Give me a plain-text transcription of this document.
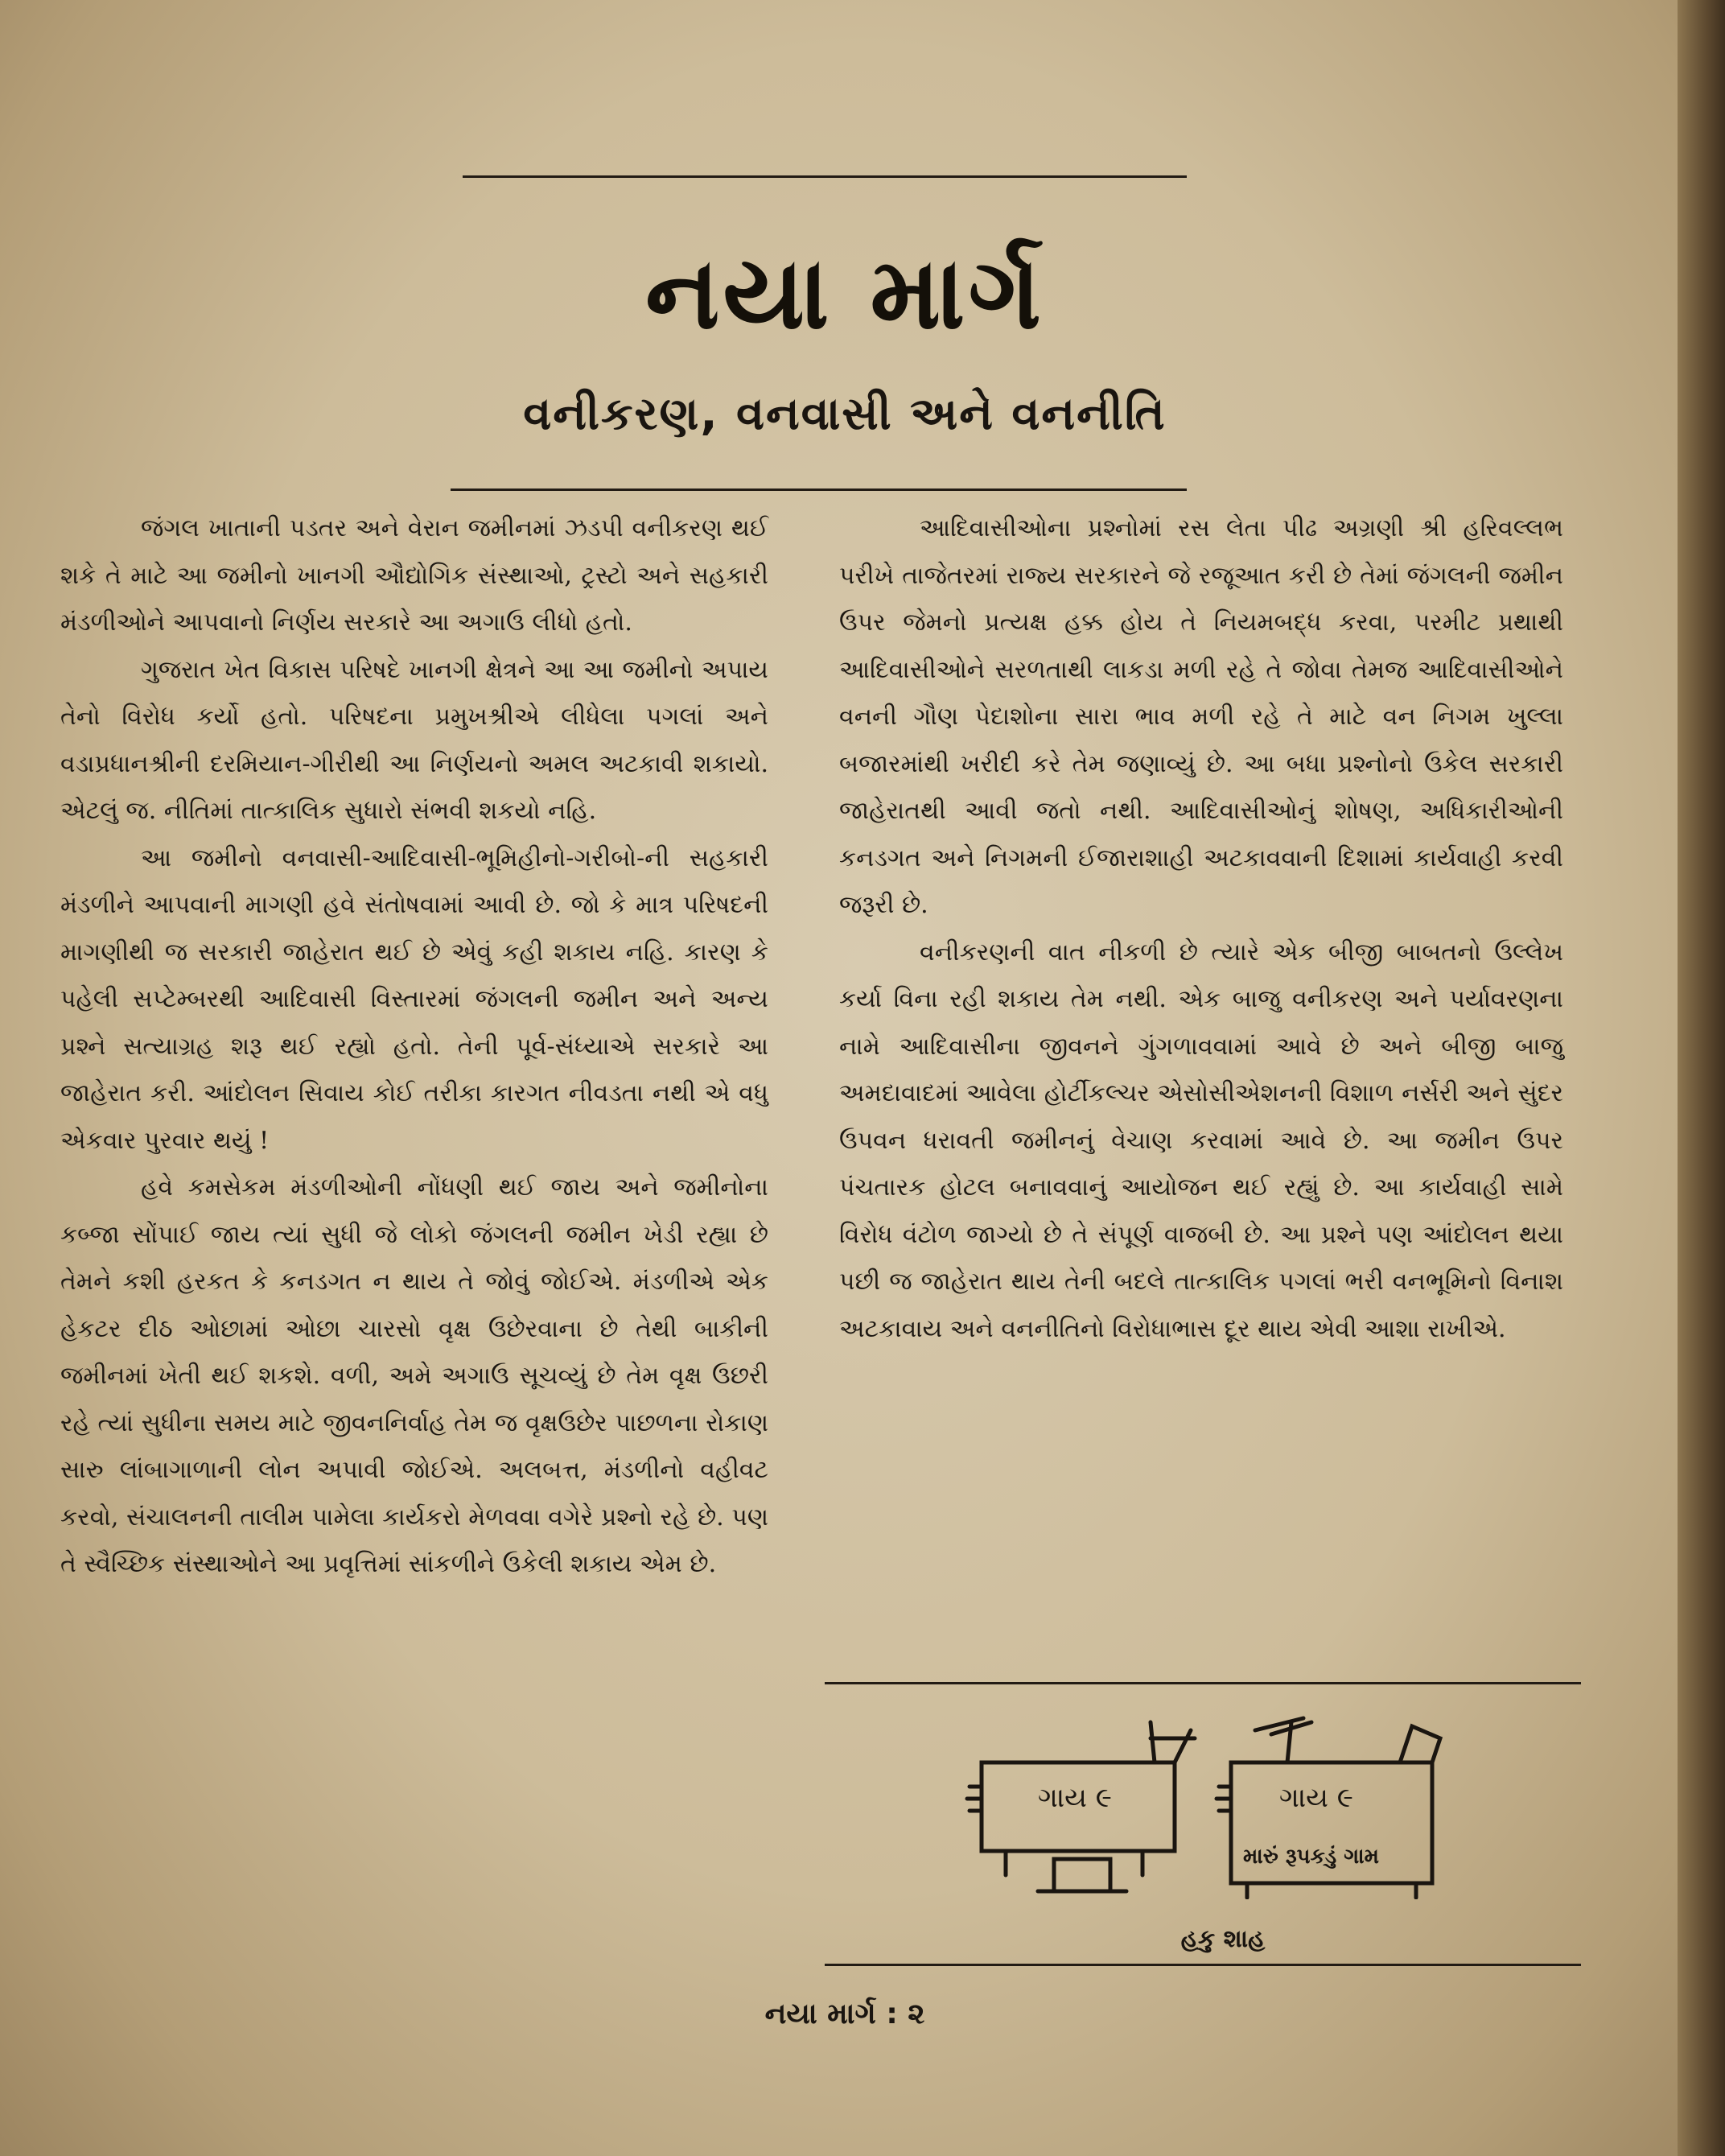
નયા માર્ગ
વનીકરણ, વનવાસી અને વનનીતિ

જંગલ ખાતાની પડતર અને વેરાન જમીનમાં ઝડપી વનીકરણ થઈ શકે તે માટે આ જમીનો ખાનગી ઔદ્યોગિક સંસ્થાઓ, ટ્રસ્ટો અને સહકારી મંડળીઓને આપવાનો નિર્ણય સરકારે આ અગાઉ લીધો હતો.

ગુજરાત ખેત વિકાસ પરિષદે ખાનગી ક્ષેત્રને આ આ જમીનો અપાય તેનો વિરોધ કર્યો હતો. પરિષદના પ્રમુખશ્રીએ લીધેલા પગલાં અને વડાપ્રધાનશ્રીની દરમિયાન-ગીરીથી આ નિર્ણયનો અમલ અટકાવી શકાયો. એટલું જ. નીતિમાં તાત્કાલિક સુધારો સંભવી શકયો નહિ.

આ જમીનો વનવાસી-આદિવાસી-ભૂમિહીનો-ગરીબો-ની સહકારી મંડળીને આપવાની માગણી હવે સંતોષવામાં આવી છે. જો કે માત્ર પરિષદની માગણીથી જ સરકારી જાહેરાત થઈ છે એવું કહી શકાય નહિ. કારણ કે પહેલી સપ્ટેમ્બરથી આદિવાસી વિસ્તારમાં જંગલની જમીન અને અન્ય પ્રશ્ને સત્યાગ્રહ શરૂ થઈ રહ્યો હતો. તેની પૂર્વ-સંધ્યાએ સરકારે આ જાહેરાત કરી. આંદોલન સિવાય કોઈ તરીકા કારગત નીવડતા નથી એ વધુ એકવાર પુરવાર થયું !

હવે કમસેકમ મંડળીઓની નોંધણી થઈ જાય અને જમીનોના કબ્જા સોંપાઈ જાય ત્યાં સુધી જે લોકો જંગલની જમીન ખેડી રહ્યા છે તેમને કશી હરકત કે કનડગત ન થાય તે જોવું જોઈએ. મંડળીએ એક હેકટર દીઠ ઓછામાં ઓછા ચારસો વૃક્ષ ઉછેરવાના છે તેથી બાકીની જમીનમાં ખેતી થઈ શકશે. વળી, અમે અગાઉ સૂચવ્યું છે તેમ વૃક્ષ ઉછરી રહે ત્યાં સુધીના સમય માટે જીવનનિર્વાહ તેમ જ વૃક્ષઉછેર પાછળના રોકાણ સારુ લાંબાગાળાની લોન અપાવી જોઈએ. અલબત્ત, મંડળીનો વહીવટ કરવો, સંચાલનની તાલીમ પામેલા કાર્યકરો મેળવવા વગેરે પ્રશ્નો રહે છે. પણ તે સ્વૈચ્છિક સંસ્થાઓને આ પ્રવૃત્તિમાં સાંકળીને ઉકેલી શકાય એમ છે.

આદિવાસીઓના પ્રશ્નોમાં રસ લેતા પીઢ અગ્રણી શ્રી હરિવલ્લભ પરીખે તાજેતરમાં રાજ્ય સરકારને જે રજૂઆત કરી છે તેમાં જંગલની જમીન ઉપર જેમનો પ્રત્યક્ષ હક્ક હોય તે નિયમબદ્ધ કરવા, પરમીટ પ્રથાથી આદિવાસીઓને સરળતાથી લાકડા મળી રહે તે જોવા તેમજ આદિવાસીઓને વનની ગૌણ પેદાશોના સારા ભાવ મળી રહે તે માટે વન નિગમ ખુલ્લા બજારમાંથી ખરીદી કરે તેમ જણાવ્યું છે. આ બધા પ્રશ્નોનો ઉકેલ સરકારી જાહેરાતથી આવી જતો નથી. આદિવાસીઓનું શોષણ, અધિકારીઓની કનડગત અને નિગમની ઈજારાશાહી અટકાવવાની દિશામાં કાર્યવાહી કરવી જરૂરી છે.

વનીકરણની વાત નીકળી છે ત્યારે એક બીજી બાબતનો ઉલ્લેખ કર્યા વિના રહી શકાય તેમ નથી. એક બાજુ વનીકરણ અને પર્યાવરણના નામે આદિવાસીના જીવનને ગુંગળાવવામાં આવે છે અને બીજી બાજુ અમદાવાદમાં આવેલા હોર્ટીકલ્ચર એસોસીએશનની વિશાળ નર્સરી અને સુંદર ઉપવન ધરાવતી જમીનનું વેચાણ કરવામાં આવે છે. આ જમીન ઉપર પંચતારક હોટલ બનાવવાનું આયોજન થઈ રહ્યું છે. આ કાર્યવાહી સામે વિરોધ વંટોળ જાગ્યો છે તે સંપૂર્ણ વાજબી છે. આ પ્રશ્ને પણ આંદોલન થયા પછી જ જાહેરાત થાય તેની બદલે તાત્કાલિક પગલાં ભરી વનભૂમિનો વિનાશ અટકાવાય અને વનનીતિનો વિરોધાભાસ દૂર થાય એવી આશા રાખીએ.

ગાય ૯	ગાય ૯
મારું રૂપકડું ગામ
હકુ શાહ
નયા માર્ગ : ૨
